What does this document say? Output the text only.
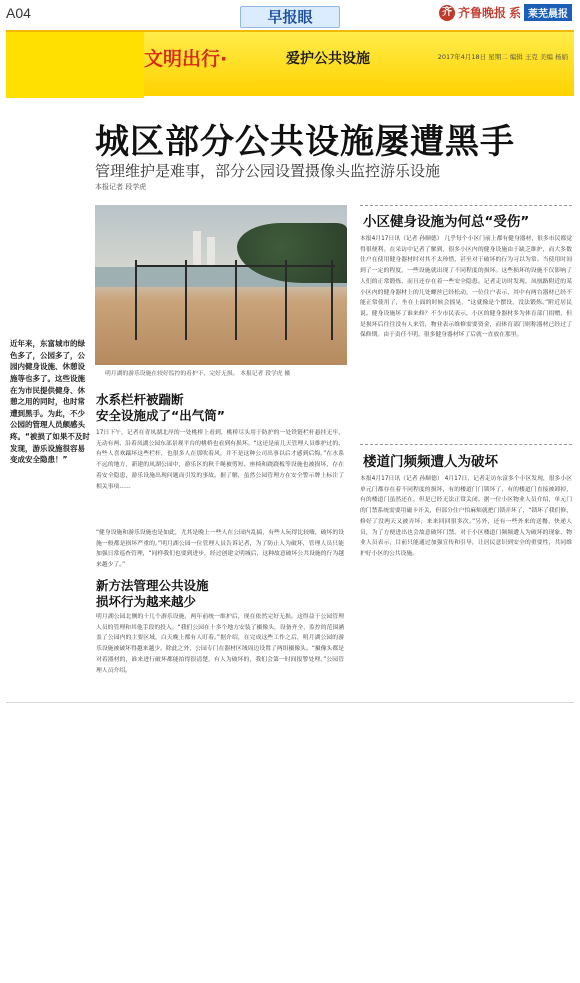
A04	早报眼	齐 齐鲁晚报 系 莱芜晨报
文明出行·	爱护公共设施	2017年4月18日 星期二 编辑 王克 美编 杨娟
城区部分公共设施屡遭黑手
管理维护是难事，部分公园设置摄像头监控游乐设施
本报记者 段学虎
明月湖的游乐设施在较好监控的看护下，完好无损。 本报记者 段学虎 摄
近年来，东富城市的绿色多了，公园多了，公园内健身设施、休憩设施等也多了。这些设施在为市民提供健身、休憩之用的同时，也时常遭到黑手。为此，不少公园的管理人员颇感头疼。“被损了如果不及时发现，游乐设施很容易变成安全隐患！”
水系栏杆被踹断
安全设施成了“出气筒”
17日下午，记者在青凤湖北岸的一处桃桥上看到，桃桥尽头用于防护的一处铁链栏杆悬挂无牢，无动有两，沿着凤湖公园东部景观平台的桃桥也看到有损坏。“这还是前几天管理人员维护过的，有些人喜欢踹坏这些栏杆，也很多人在那吹着风，并不是这种公司出事以后才感到后悔。”在水系不远的地方，新建的凤湖公园中，游乐区的秋千绳被剪短、座椅和跷跷板等设施也被损坏，存在着安全隐患，游乐设施出现问题而引发的事故。据了解，虽然公园管理方在安全警示牌上标注了相关事项……
“健身设施和游乐设施也是如此，尤其是晚上一些人在公园内乱搞，有些人玩得比较嗨，破坏的设施一般都是损坏严重的。”明月湖公园一位管理人员告诉记者，为了防止人为破坏，管理人员只能加强日常巡查管理，“同样我们也要到进步，经过创建文明城后，这种故意破坏公共设施的行为越来越少了。”
新方法管理公共设施
损坏行为越来越少
明月湖公园北侧的十几个游乐设施，两年前统一维护后，现在依然完好无损。这得益于公园管理人员的管理和其他手段的投入。“我们公园在十多个地方安装了摄像头，设备齐全，监控的范围涵盖了公园内的主要区域，白天晚上都有人盯着。”据介绍，在完成这些工作之后，明月湖公园的游乐设施被破坏得越来越少。除此之外，公园专门在器材区域周边设置了两组摄像头。“摄像头都是对着器材的，谁来进行破坏都能拍得很清楚，有人为破坏的，我们会第一时间报警处理。”公园管理人员介绍。
小区健身设施为何总“受伤”
本报4月17日讯（记者 孙顺德） 几乎每个小区门前上都有健身器材，很多市民都觉得很便利。在采访中记者了解到，很多小区内的健身设施由于缺乏维护，而大多数住户在使用健身器材时对其不太珍惜，甚至对于破坏的行为习以为常。当使用时间到了一定的程度，一些设施就出现了不同程度的损坏。这些损坏的设施不仅影响了人们的正常锻炼，而且还存在着一些安全隐患。记者走访时发现，凤凰路附近的某小区内的健身器材上的几处螺丝已经松动，一位住户表示，其中有两台器材已经不能正常使用了，坐在上面的时候会摇晃，“这就像是个摆设，没法锻炼。”附近居民说。健身设施坏了谁来修？不少市民表示，小区的健身器材多为体育部门捐赠，但是损坏后往往没有人来管，物业表示维修需要资金，而体育部门则称器材已经过了保修期。由于责任不明，很多健身器材坏了后就一直放在那里。
楼道门频频遭人为破坏
本报4月17日讯（记者 孙顺德） 4月17日，记者走访东富多个小区发现，很多小区单元门都存在着不同程度的损坏，有的楼道门门锁坏了，有的楼道门直接被卸掉，有的楼道门虽然还在，但是已经无法正常关闭。据一位小区物业人员介绍，单元门的门禁系统需要用磁卡开关，但部分住户怕麻烦就把门锁弄坏了，“锁坏了我们修，修好了没两天又被弄坏，来来回回很多次。”另外，还有一些外来的送餐、快递人员，为了方便进出也会故意破坏门禁。对于小区楼道门频频遭人为破坏的现象，物业人员表示，目前只能通过加强宣传和引导，让居民意识到安全的重要性，共同维护好小区的公共设施。
